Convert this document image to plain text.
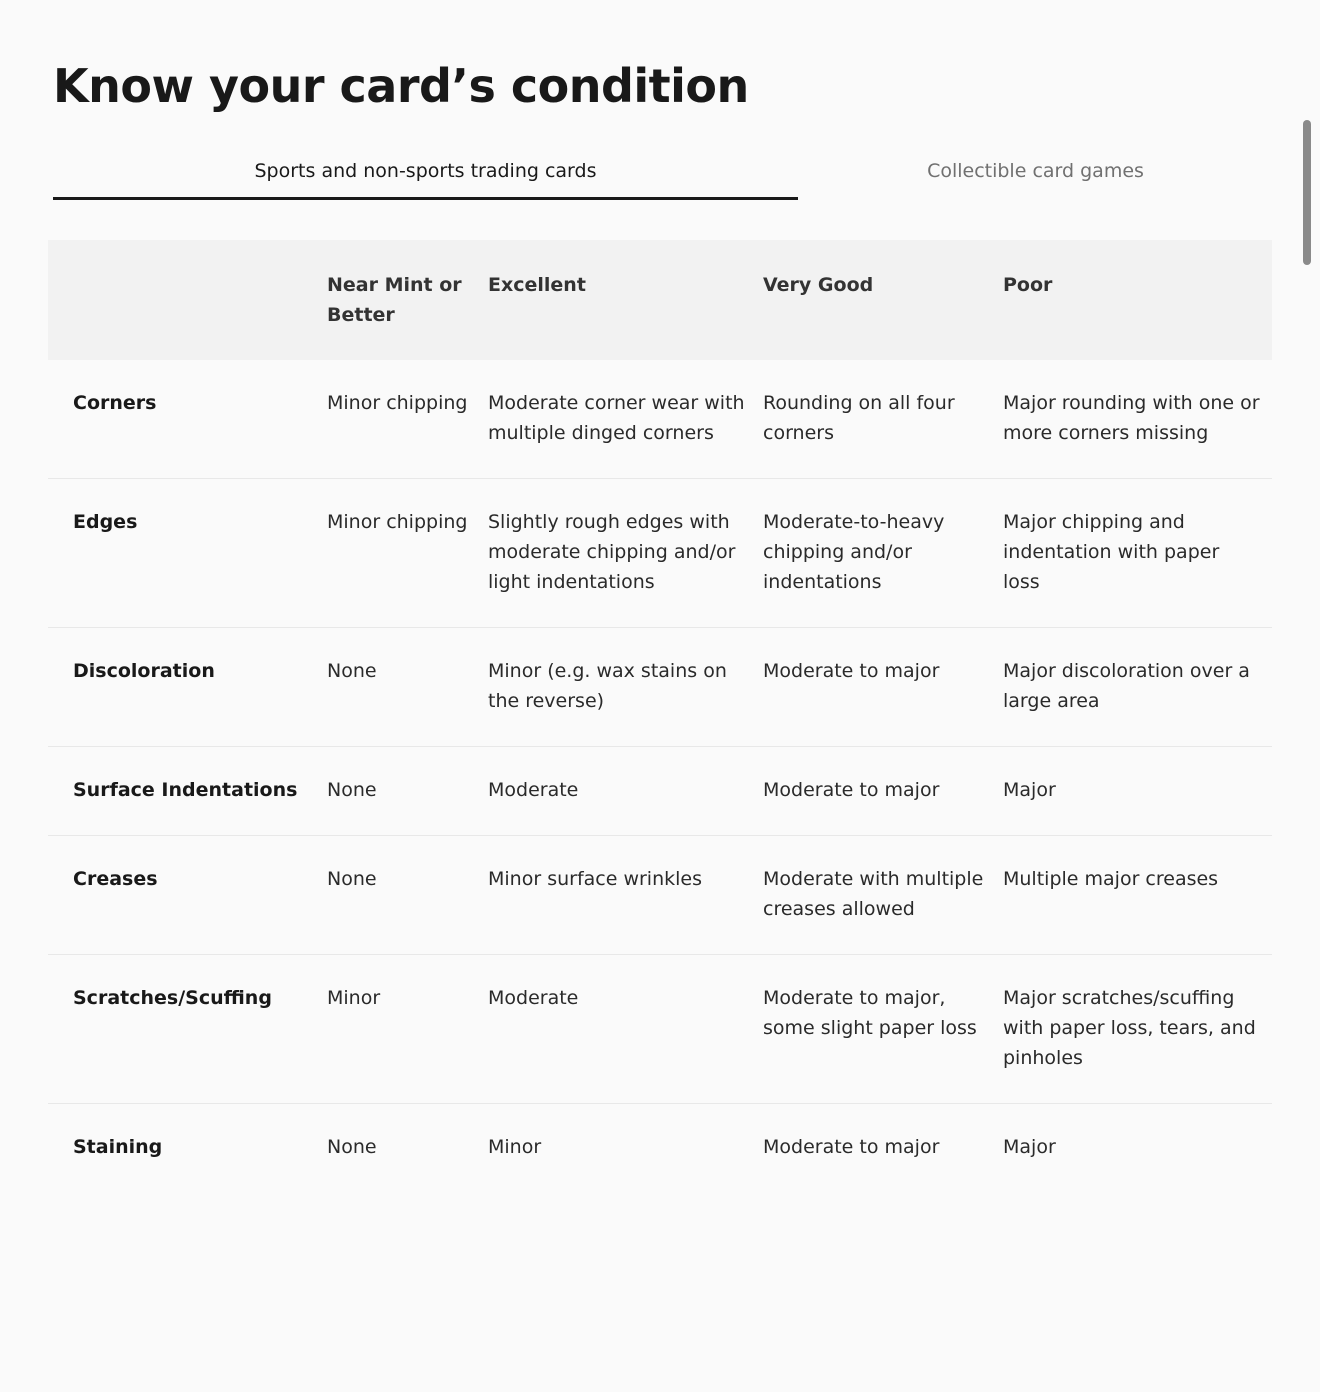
Know your card’s condition
Sports and non-sports trading cards	Collectible card games
	Near Mint or Better	Excellent	Very Good	Poor
Corners	Minor chipping	Moderate corner wear with multiple dinged corners	Rounding on all four corners	Major rounding with one or more corners missing
Edges	Minor chipping	Slightly rough edges with moderate chipping and/or light indentations	Moderate-to-heavy chipping and/or indentations	Major chipping and indentation with paper loss
Discoloration	None	Minor (e.g. wax stains on the reverse)	Moderate to major	Major discoloration over a large area
Surface Indentations	None	Moderate	Moderate to major	Major
Creases	None	Minor surface wrinkles	Moderate with multiple creases allowed	Multiple major creases
Scratches/Scuffing	Minor	Moderate	Moderate to major, some slight paper loss	Major scratches/scuffing with paper loss, tears, and pinholes
Staining	None	Minor	Moderate to major	Major
